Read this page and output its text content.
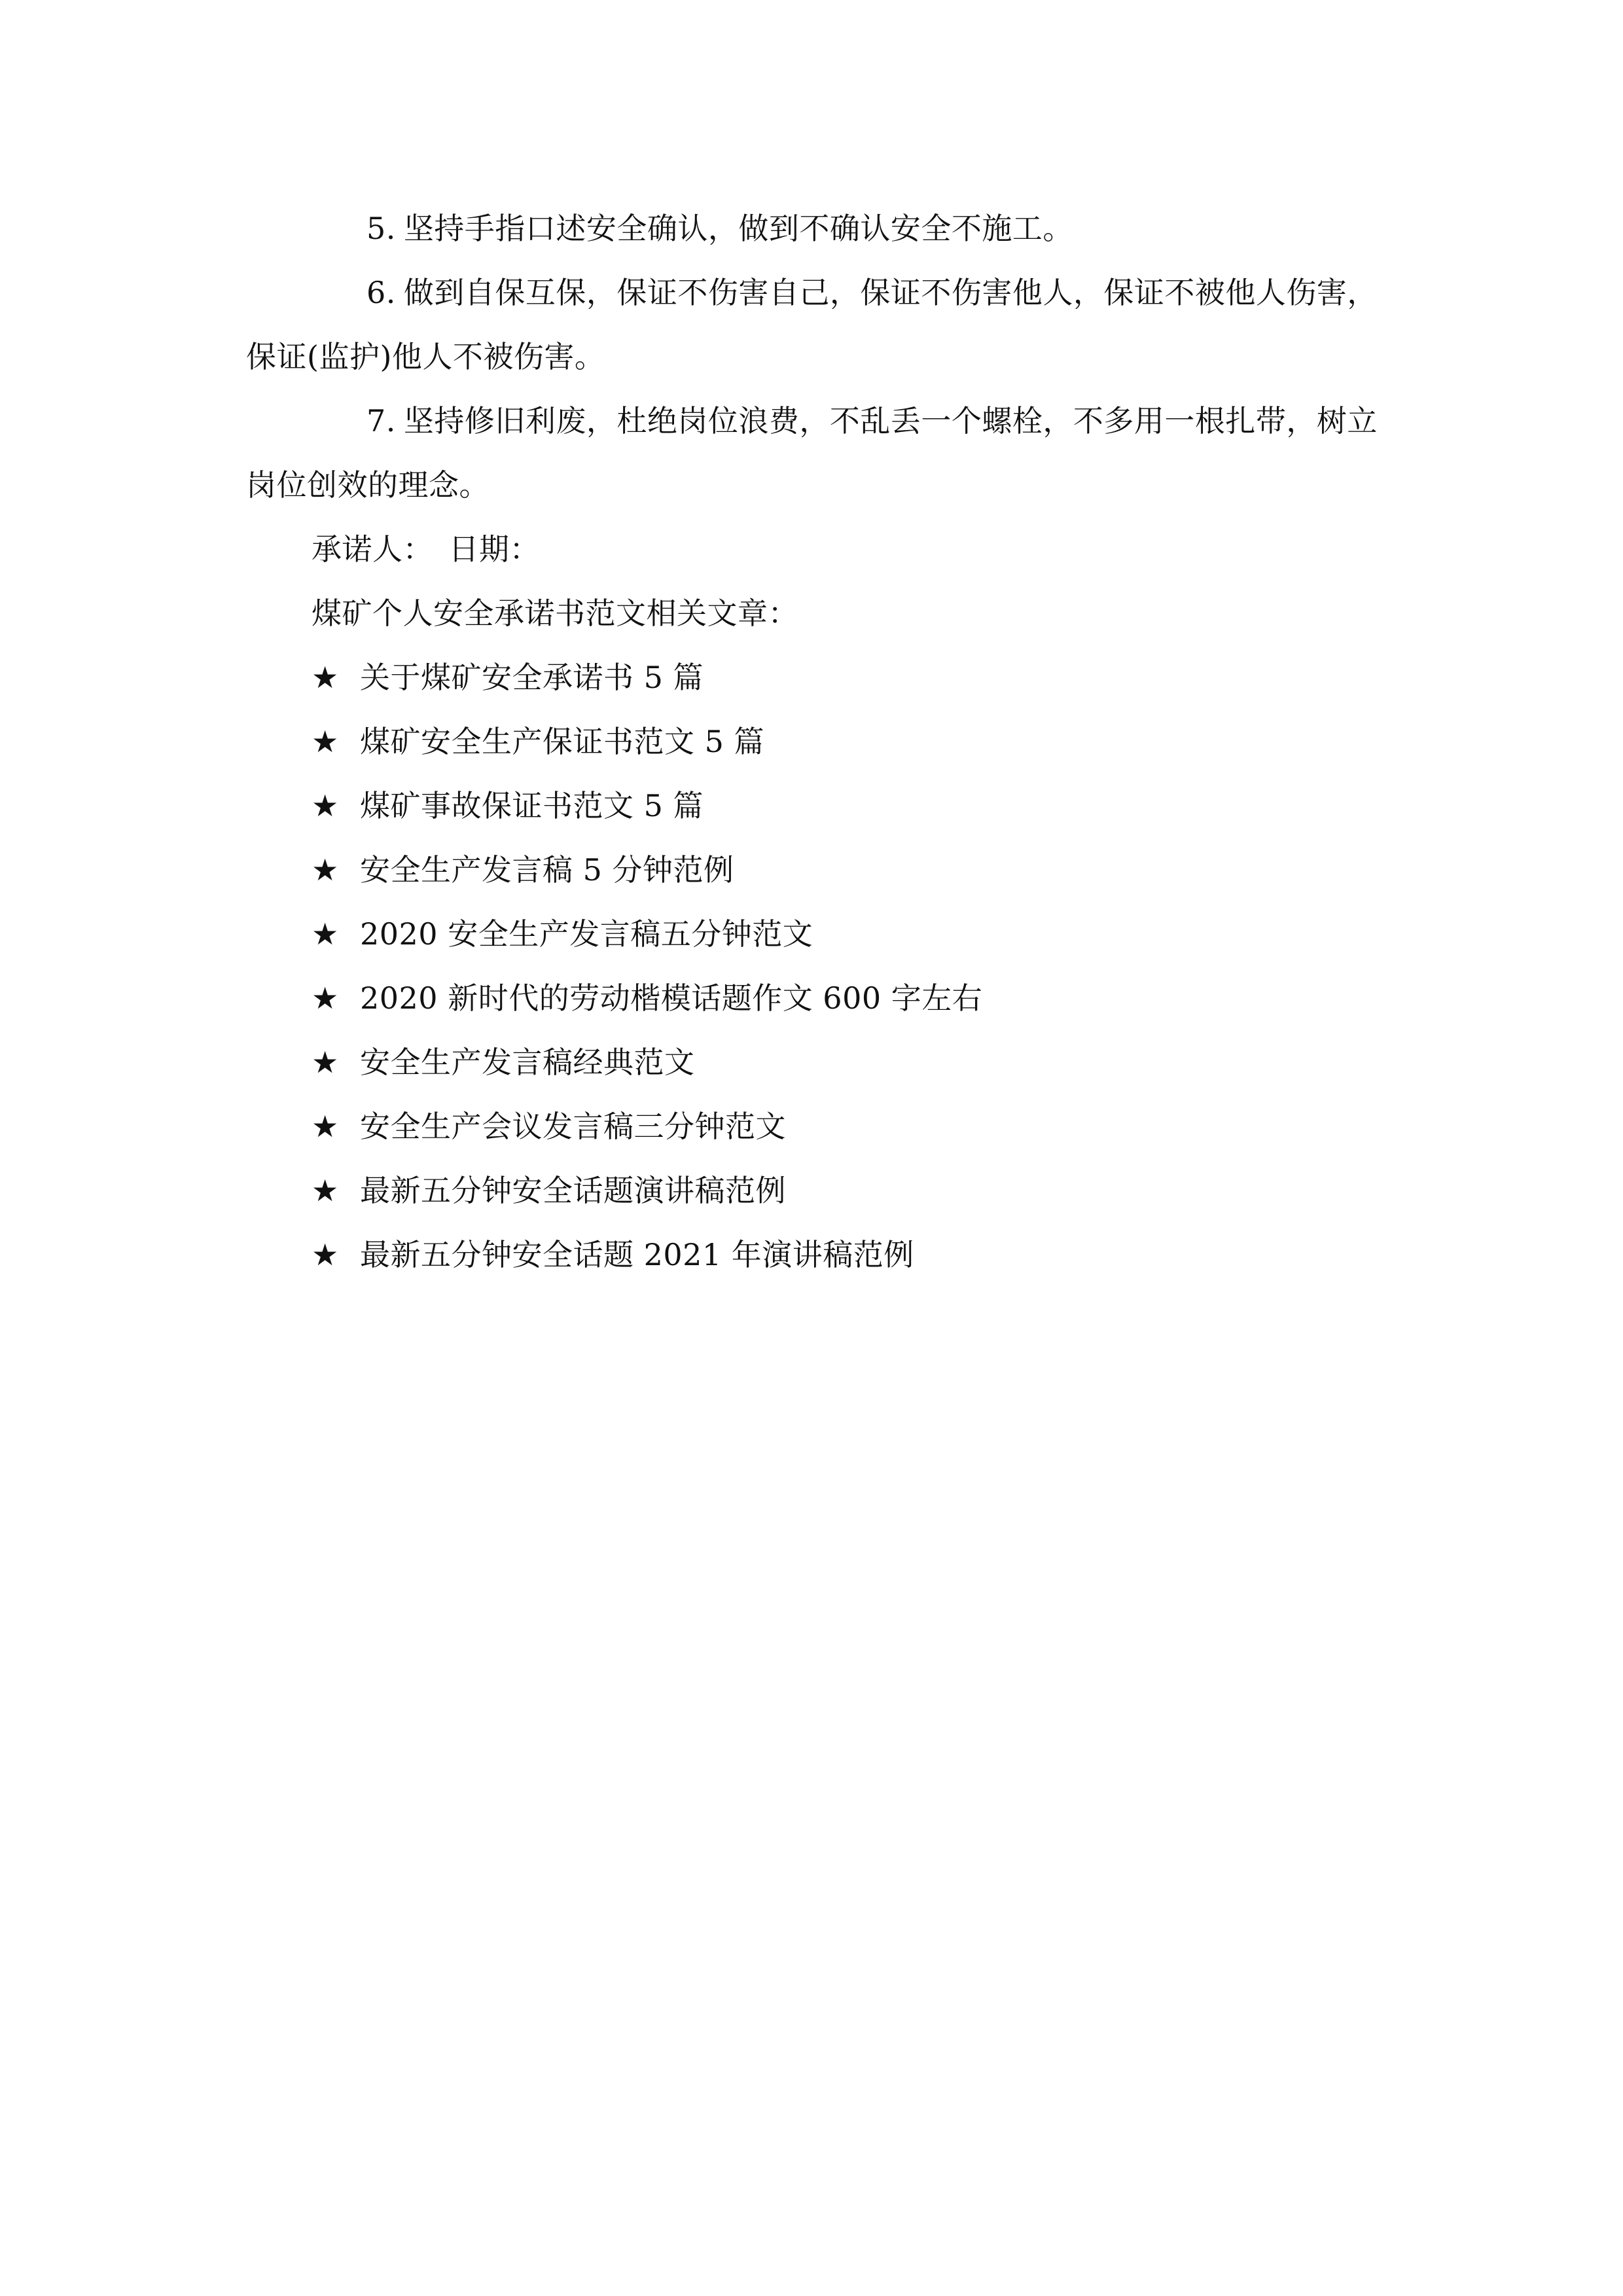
5. 坚持手指口述安全确认，做到不确认安全不施工。

6. 做到自保互保，保证不伤害自己，保证不伤害他人，保证不被他人伤害，保证(监护)他人不被伤害。

7. 坚持修旧利废，杜绝岗位浪费，不乱丢一个螺栓，不多用一根扎带，树立岗位创效的理念。

承诺人：　日期：

煤矿个人安全承诺书范文相关文章：

★ 关于煤矿安全承诺书 5 篇
★ 煤矿安全生产保证书范文 5 篇
★ 煤矿事故保证书范文 5 篇
★ 安全生产发言稿 5 分钟范例
★ 2020 安全生产发言稿五分钟范文
★ 2020 新时代的劳动楷模话题作文 600 字左右
★ 安全生产发言稿经典范文
★ 安全生产会议发言稿三分钟范文
★ 最新五分钟安全话题演讲稿范例
★ 最新五分钟安全话题 2021 年演讲稿范例
